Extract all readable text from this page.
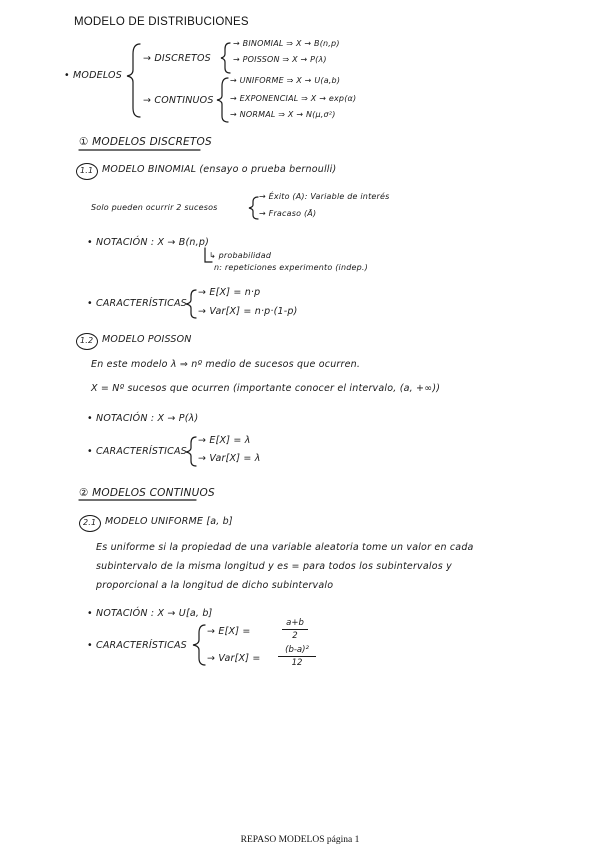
MODELO DE DISTRIBUCIONES
• MODELOS
→ DISCRETOS
→ BINOMIAL ⇒ X → B(n,p)
→ POISSON ⇒ X → P(λ)
→ CONTINUOS
→ UNIFORME ⇒ X → U(a,b)
→ EXPONENCIAL ⇒ X → exp(α)
→ NORMAL ⇒ X → N(μ,σ²)
① MODELOS DISCRETOS
1.1 MODELO BINOMIAL (ensayo o prueba bernoulli)
Solo pueden ocurrir 2 sucesos
→ Éxito (A): Variable de interés
→ Fracaso (Ā)
• NOTACIÓN : X → B(n,p)
↳ probabilidad
n: repeticiones experimento (indep.)
• CARACTERÍSTICAS
→ E[X] = n·p
→ Var[X] = n·p·(1-p)
1.2 MODELO POISSON
En este modelo λ ⇒ nº medio de sucesos que ocurren.
X = Nº sucesos que ocurren (importante conocer el intervalo, (a, +∞))
• NOTACIÓN : X → P(λ)
• CARACTERÍSTICAS
→ E[X] = λ
→ Var[X] = λ
② MODELOS CONTINUOS
2.1 MODELO UNIFORME [a, b]
Es uniforme si la propiedad de una variable aleatoria tome un valor en cada
subintervalo de la misma longitud y es = para todos los subintervalos y
proporcional a la longitud de dicho subintervalo
• NOTACIÓN : X → U[a, b]
• CARACTERÍSTICAS
→ E[X] =
a+b
2
→ Var[X] =
(b-a)²
12
REPASO MODELOS página 1
